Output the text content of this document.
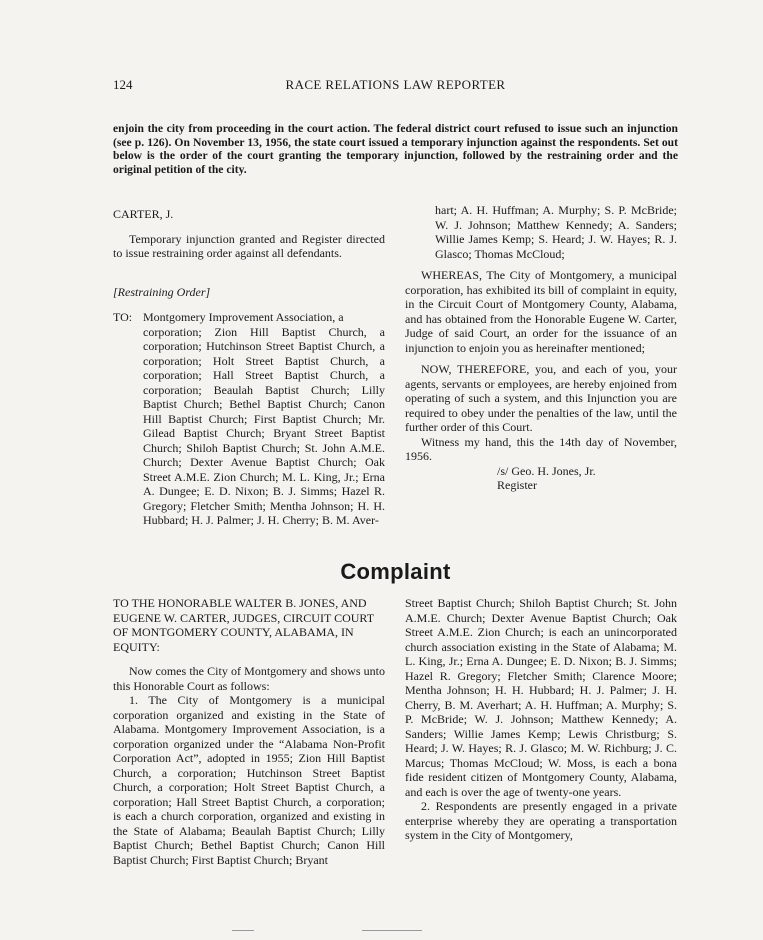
124	RACE RELATIONS LAW REPORTER
enjoin the city from proceeding in the court action. The federal district court refused to issue such an injunction (see p. 126). On November 13, 1956, the state court issued a temporary injunction against the respondents. Set out below is the order of the court granting the temporary injunction, followed by the restraining order and the original petition of the city.

CARTER, J.

Temporary injunction granted and Register directed to issue restraining order against all defendants.

[Restraining Order]

TO: Montgomery Improvement Association, a

corporation; Zion Hill Baptist Church, a corporation; Hutchinson Street Baptist Church, a corporation; Holt Street Baptist Church, a corporation; Hall Street Baptist Church, a corporation; Beaulah Baptist Church; Lilly Baptist Church; Bethel Baptist Church; Canon Hill Baptist Church; First Baptist Church; Mr. Gilead Baptist Church; Bryant Street Baptist Church; Shiloh Baptist Church; St. John A.M.E. Church; Dexter Avenue Baptist Church; Oak Street A.M.E. Zion Church; M. L. King, Jr.; Erna A. Dungee; E. D. Nixon; B. J. Simms; Hazel R. Gregory; Fletcher Smith; Mentha Johnson; H. H. Hubbard; H. J. Palmer; J. H. Cherry; B. M. Aver-

hart; A. H. Huffman; A. Murphy; S. P. McBride; W. J. Johnson; Matthew Kennedy; A. Sanders; Willie James Kemp; S. Heard; J. W. Hayes; R. J. Glasco; Thomas McCloud;

WHEREAS, The City of Montgomery, a municipal corporation, has exhibited its bill of complaint in equity, in the Circuit Court of Montgomery County, Alabama, and has obtained from the Honorable Eugene W. Carter, Judge of said Court, an order for the issuance of an injunction to enjoin you as hereinafter mentioned;

NOW, THEREFORE, you, and each of you, your agents, servants or employees, are hereby enjoined from operating of such a system, and this Injunction you are required to obey under the penalties of the law, until the further order of this Court.

Witness my hand, this the 14th day of November, 1956.

/s/ Geo. H. Jones, Jr.

Register

Complaint

TO THE HONORABLE WALTER B. JONES, AND EUGENE W. CARTER, JUDGES, CIRCUIT COURT OF MONTGOMERY COUNTY, ALABAMA, IN EQUITY:

Now comes the City of Montgomery and shows unto this Honorable Court as follows:

1. The City of Montgomery is a municipal corporation organized and existing in the State of Alabama. Montgomery Improvement Association, is a corporation organized under the “Alabama Non-Profit Corporation Act”, adopted in 1955; Zion Hill Baptist Church, a corporation; Hutchinson Street Baptist Church, a corporation; Holt Street Baptist Church, a corporation; Hall Street Baptist Church, a corporation; is each a church corporation, organized and existing in the State of Alabama; Beaulah Baptist Church; Lilly Baptist Church; Bethel Baptist Church; Canon Hill Baptist Church; First Baptist Church; Bryant

Street Baptist Church; Shiloh Baptist Church; St. John A.M.E. Church; Dexter Avenue Baptist Church; Oak Street A.M.E. Zion Church; is each an unincorporated church association existing in the State of Alabama; M. L. King, Jr.; Erna A. Dungee; E. D. Nixon; B. J. Simms; Hazel R. Gregory; Fletcher Smith; Clarence Moore; Mentha Johnson; H. H. Hubbard; H. J. Palmer; J. H. Cherry, B. M. Averhart; A. H. Huffman; A. Murphy; S. P. McBride; W. J. Johnson; Matthew Kennedy; A. Sanders; Willie James Kemp; Lewis Christburg; S. Heard; J. W. Hayes; R. J. Glasco; M. W. Richburg; J. C. Marcus; Thomas McCloud; W. Moss, is each a bona fide resident citizen of Montgomery County, Alabama, and each is over the age of twenty-one years.

2. Respondents are presently engaged in a private enterprise whereby they are operating a transportation system in the City of Montgomery,
